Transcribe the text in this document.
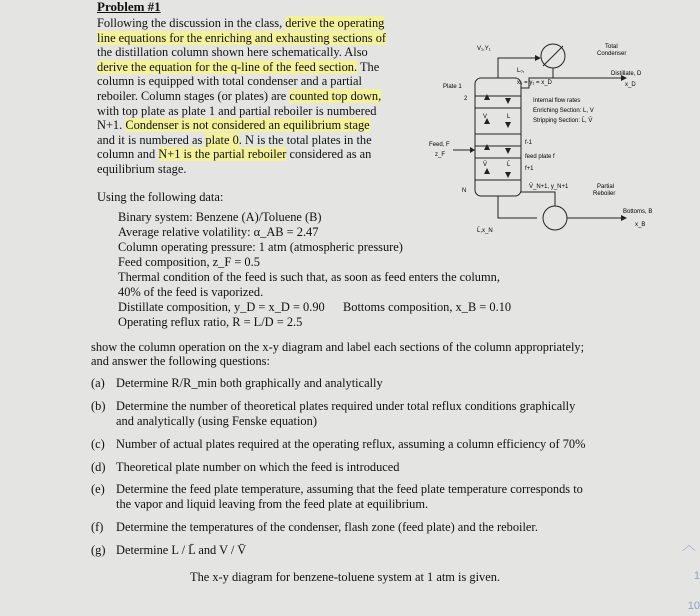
Problem #1
Following the discussion in the class, derive the operating
line equations for the enriching and exhausting sections of
the distillation column shown here schematically. Also
derive the equation for the q-line of the feed section. The
column is equipped with total condenser and a partial
reboiler. Column stages (or plates) are counted top down,
with top plate as plate 1 and partial reboiler is numbered
N+1. Condenser is not considered an equilibrium stage
and it is numbered as plate 0. N is the total plates in the
column and N+1 is the partial reboiler considered as an
equilibrium stage.
Using the following data:
Binary system: Benzene (A)/Toluene (B)
Average relative volatility: α_AB = 2.47
Column operating pressure: 1 atm (atmospheric pressure)
Feed composition, z_F = 0.5
Thermal condition of the feed is such that, as soon as feed enters the column,
40% of the feed is vaporized.
Distillate composition, y_D = x_D = 0.90 Bottoms composition, x_B = 0.10
Operating reflux ratio, R = L/D = 2.5
show the column operation on the x-y diagram and label each sections of the column appropriately;
and answer the following questions:
(a) Determine R/R_min both graphically and analytically
(b) Determine the number of theoretical plates required under total reflux conditions graphically
and analytically (using Fenske equation)
(c) Number of actual plates required at the operating reflux, assuming a column efficiency of 70%
(d) Theoretical plate number on which the feed is introduced
(e) Determine the feed plate temperature, assuming that the feed plate temperature corresponds to
the vapor and liquid leaving from the feed plate at equilibrium.
(f) Determine the temperatures of the condenser, flash zone (feed plate) and the reboiler.
(g) Determine L / L̄ and V / V̄
The x-y diagram for benzene-toluene system at 1 atm is given.
Total
Condenser
Distillate, D
x_D
Plate 1
2
Feed, F
z_F
N
Internal flow rates
Enriching Section: L, V
Stripping Section: L̄, V̄
f-1
feed plate f
f+1
Partial
Reboiler
Bottoms, B
x_B
V₁,Y₁
L₀,
x₀ = y₁ = x_D
V̄_N+1, y_N+1
L̄,x_N
V	L
V̄	L̄
︿
1
10
